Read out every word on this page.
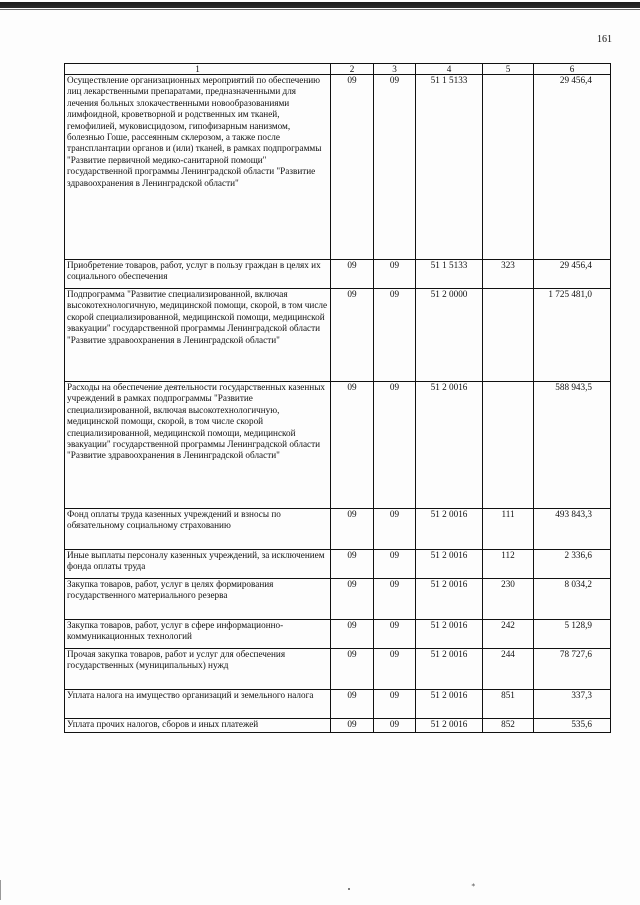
161
1	2	3	4	5	6
Осуществление организационных мероприятий по обеспечению лиц лекарственными препаратами, предназначенными для лечения больных злокачественными новообразованиями лимфоидной, кроветворной и родственных им тканей, гемофилией, муковисцидозом, гипофизарным нанизмом, болезнью Гоше, рассеянным склерозом, а также после трансплантации органов и (или) тканей, в рамках подпрограммы "Развитие первичной медико-санитарной помощи" государственной программы Ленинградской области "Развитие здравоохранения в Ленинградской области"	09	09	51 1 5133		29 456,4
Приобретение товаров, работ, услуг в пользу граждан в целях их социального обеспечения	09	09	51 1 5133	323	29 456,4
Подпрограмма "Развитие специализированной, включая высокотехнологичную, медицинской помощи, скорой, в том числе скорой специализированной, медицинской помощи, медицинской эвакуации" государственной программы Ленинградской области "Развитие здравоохранения в Ленинградской области"	09	09	51 2 0000		1 725 481,0
Расходы на обеспечение деятельности государственных казенных учреждений в рамках подпрограммы "Развитие специализированной, включая высокотехнологичную, медицинской помощи, скорой, в том числе скорой специализированной, медицинской помощи, медицинской эвакуации" государственной программы Ленинградской области "Развитие здравоохранения в Ленинградской области"	09	09	51 2 0016		588 943,5
Фонд оплаты труда казенных учреждений и взносы по обязательному социальному страхованию	09	09	51 2 0016	111	493 843,3
Иные выплаты персоналу казенных учреждений, за исключением фонда оплаты труда	09	09	51 2 0016	112	2 336,6
Закупка товаров, работ, услуг в целях формирования государственного материального резерва	09	09	51 2 0016	230	8 034,2
Закупка товаров, работ, услуг в сфере информационно-коммуникационных технологий	09	09	51 2 0016	242	5 128,9
Прочая закупка товаров, работ и услуг для обеспечения государственных (муниципальных) нужд	09	09	51 2 0016	244	78 727,6
Уплата налога на имущество организаций и земельного налога	09	09	51 2 0016	851	337,3
Уплата прочих налогов, сборов и иных платежей	09	09	51 2 0016	852	535,6
∗
